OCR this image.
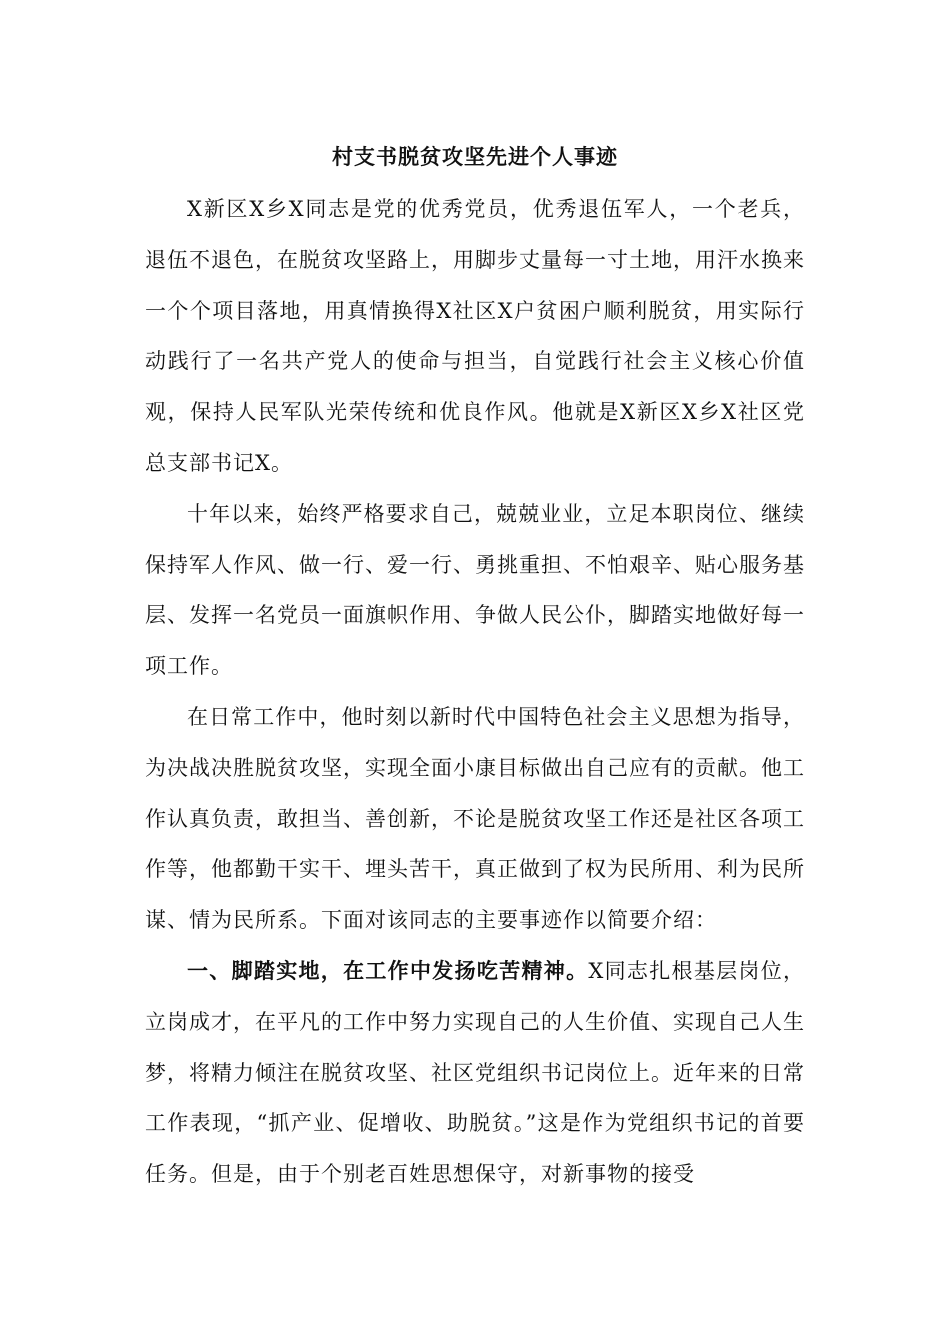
村支书脱贫攻坚先进个人事迹

X新区X乡X同志是党的优秀党员，优秀退伍军人，一个老兵，退伍不退色，在脱贫攻坚路上，用脚步丈量每一寸土地，用汗水换来一个个项目落地，用真情换得X社区X户贫困户顺利脱贫，用实际行动践行了一名共产党人的使命与担当，自觉践行社会主义核心价值观，保持人民军队光荣传统和优良作风。他就是X新区X乡X社区党总支部书记X。

十年以来，始终严格要求自己，兢兢业业，立足本职岗位、继续保持军人作风、做一行、爱一行、勇挑重担、不怕艰辛、贴心服务基层、发挥一名党员一面旗帜作用、争做人民公仆，脚踏实地做好每一项工作。

在日常工作中，他时刻以新时代中国特色社会主义思想为指导，为决战决胜脱贫攻坚，实现全面小康目标做出自己应有的贡献。他工作认真负责，敢担当、善创新，不论是脱贫攻坚工作还是社区各项工作等，他都勤干实干、埋头苦干，真正做到了权为民所用、利为民所谋、情为民所系。下面对该同志的主要事迹作以简要介绍：

一、脚踏实地，在工作中发扬吃苦精神。X同志扎根基层岗位，立岗成才，在平凡的工作中努力实现自己的人生价值、实现自己人生梦，将精力倾注在脱贫攻坚、社区党组织书记岗位上。近年来的日常工作表现，“抓产业、促增收、助脱贫。”这是作为党组织书记的首要任务。但是，由于个别老百姓思想保守，对新事物的接受
